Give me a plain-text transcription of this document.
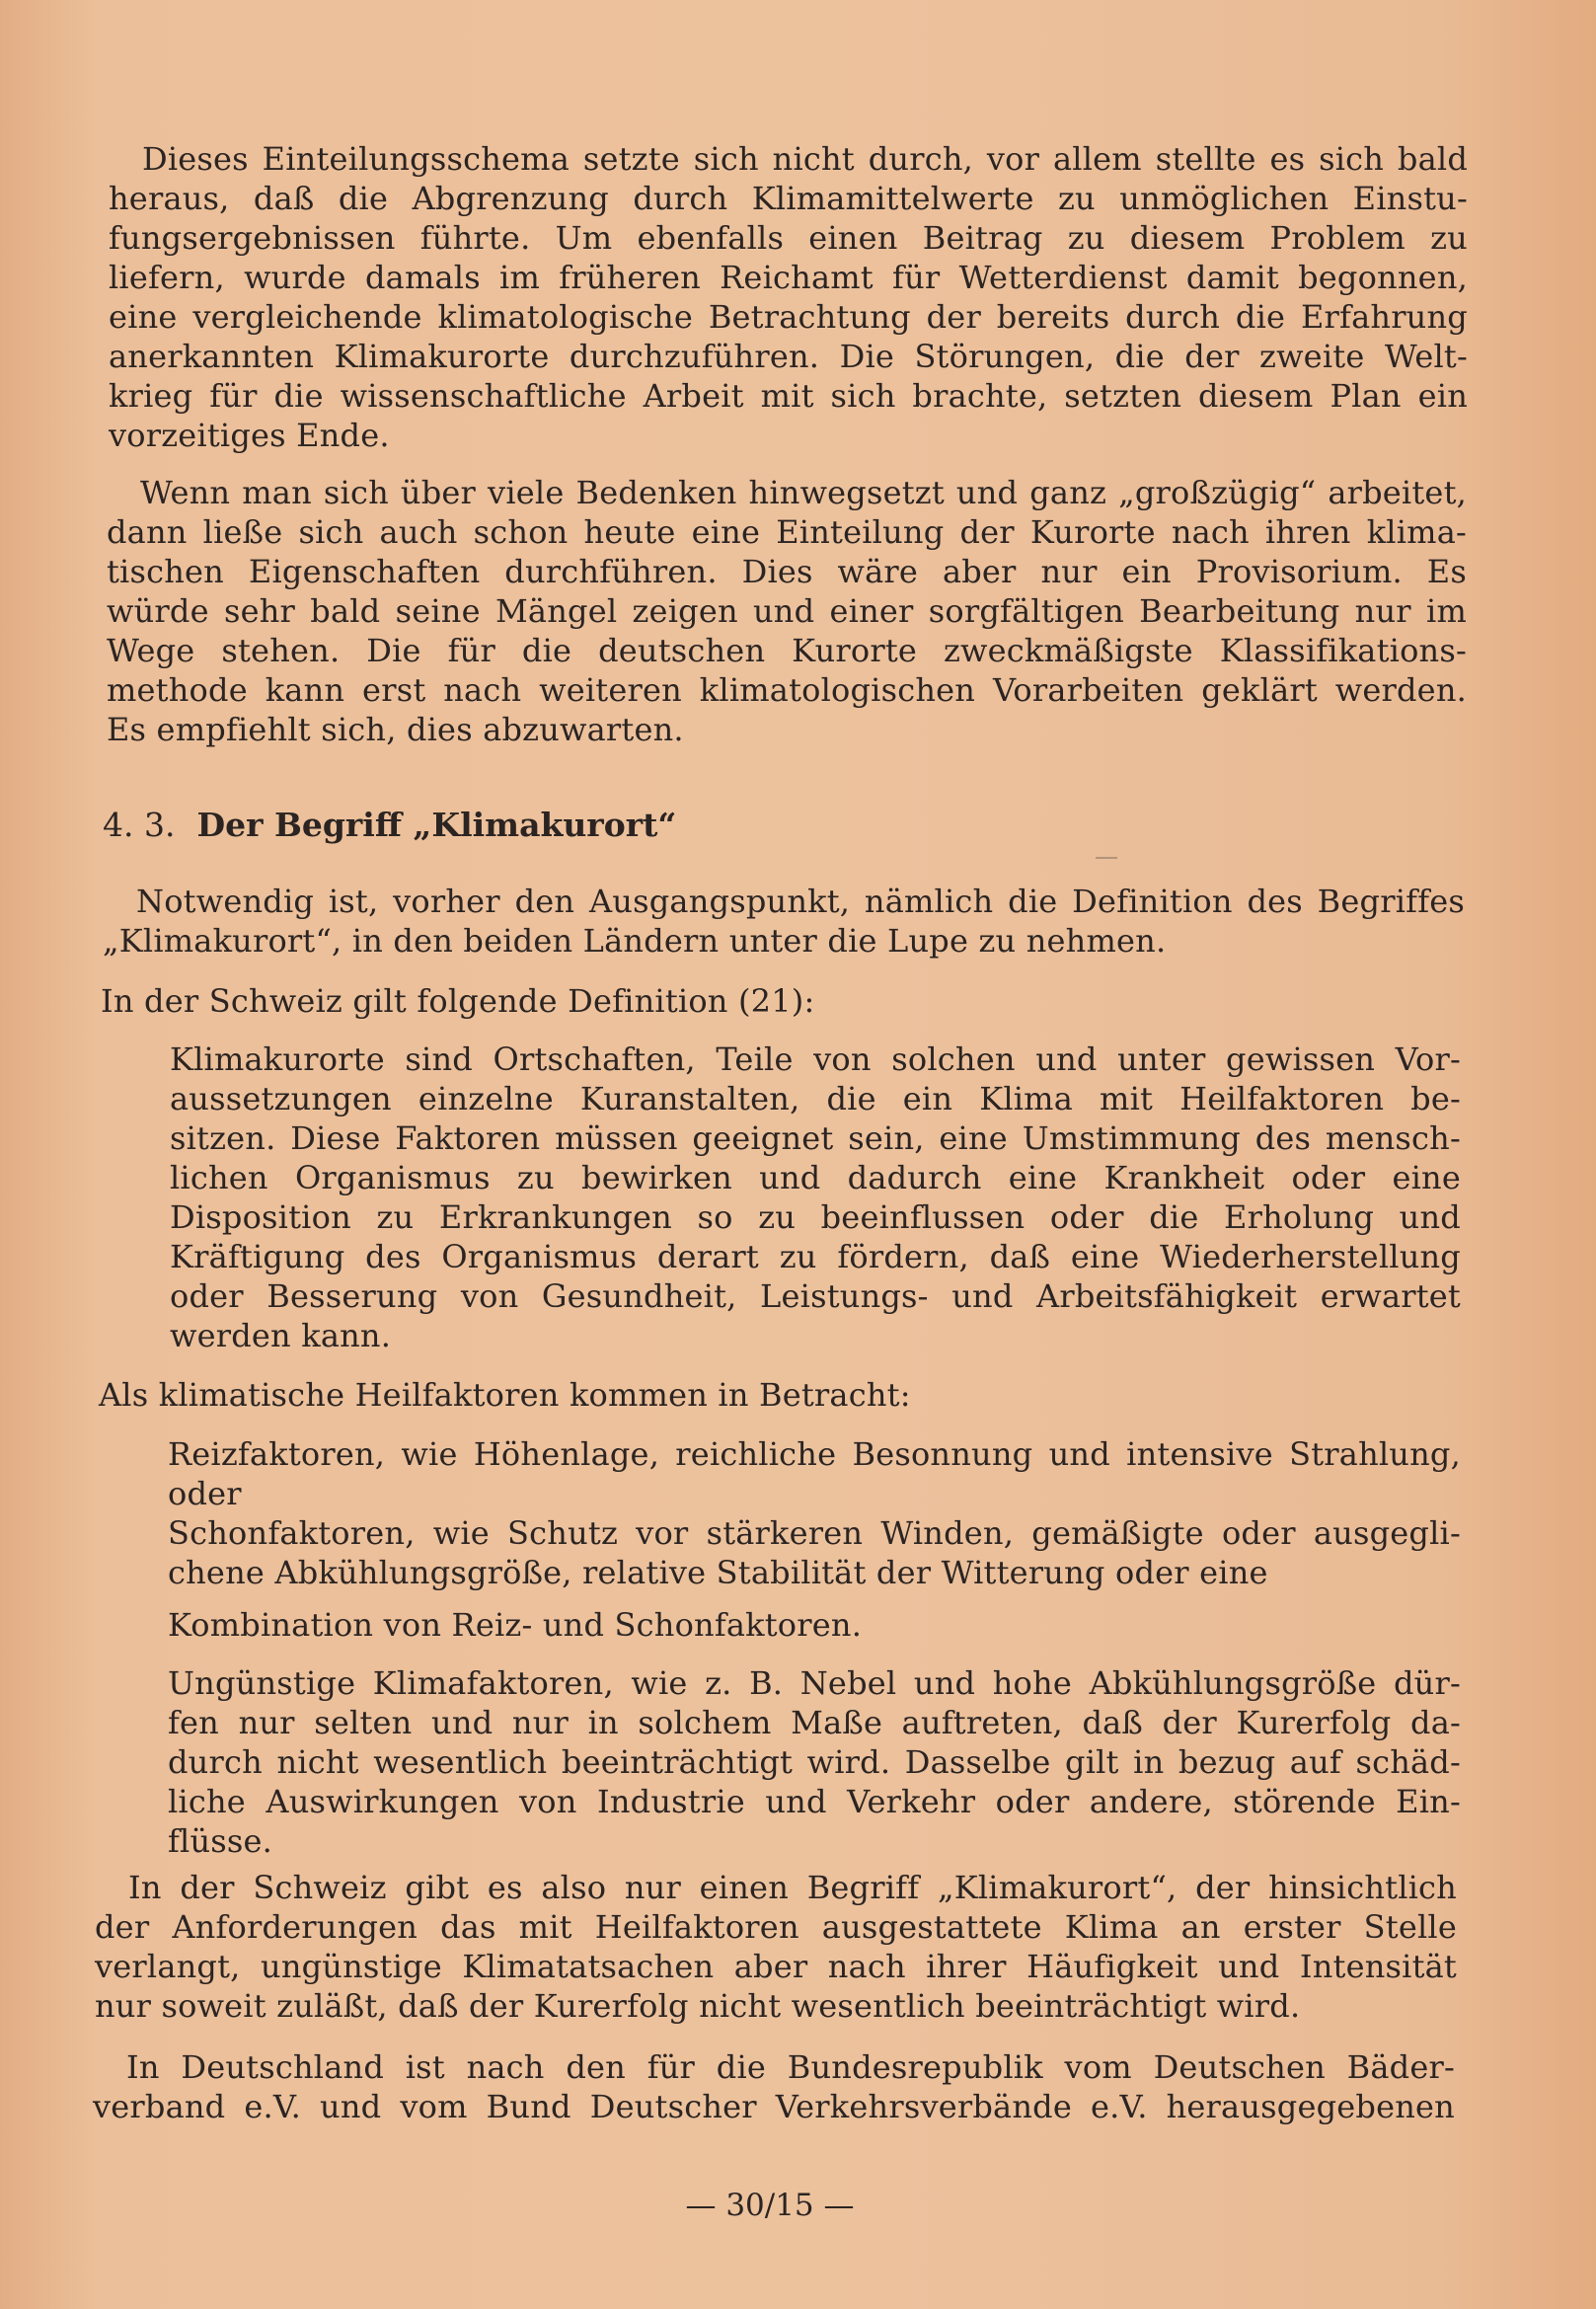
Dieses Einteilungsschema setzte sich nicht durch, vor allem stellte es sich bald
heraus, daß die Abgrenzung durch Klimamittelwerte zu unmöglichen Einstu-
fungsergebnissen führte. Um ebenfalls einen Beitrag zu diesem Problem zu
liefern, wurde damals im früheren Reichamt für Wetterdienst damit begonnen,
eine vergleichende klimatologische Betrachtung der bereits durch die Erfahrung
anerkannten Klimakurorte durchzuführen. Die Störungen, die der zweite Welt-
krieg für die wissenschaftliche Arbeit mit sich brachte, setzten diesem Plan ein
vorzeitiges Ende.
Wenn man sich über viele Bedenken hinwegsetzt und ganz „großzügig“ arbeitet,
dann ließe sich auch schon heute eine Einteilung der Kurorte nach ihren klima-
tischen Eigenschaften durchführen. Dies wäre aber nur ein Provisorium. Es
würde sehr bald seine Mängel zeigen und einer sorgfältigen Bearbeitung nur im
Wege stehen. Die für die deutschen Kurorte zweckmäßigste Klassifikations-
methode kann erst nach weiteren klimatologischen Vorarbeiten geklärt werden.
Es empfiehlt sich, dies abzuwarten.
4. 3. Der Begriff „Klimakurort“
Notwendig ist, vorher den Ausgangspunkt, nämlich die Definition des Begriffes
„Klimakurort“, in den beiden Ländern unter die Lupe zu nehmen.
In der Schweiz gilt folgende Definition (21):
Klimakurorte sind Ortschaften, Teile von solchen und unter gewissen Vor-
aussetzungen einzelne Kuranstalten, die ein Klima mit Heilfaktoren be-
sitzen. Diese Faktoren müssen geeignet sein, eine Umstimmung des mensch-
lichen Organismus zu bewirken und dadurch eine Krankheit oder eine
Disposition zu Erkrankungen so zu beeinflussen oder die Erholung und
Kräftigung des Organismus derart zu fördern, daß eine Wiederherstellung
oder Besserung von Gesundheit, Leistungs- und Arbeitsfähigkeit erwartet
werden kann.
Als klimatische Heilfaktoren kommen in Betracht:
Reizfaktoren, wie Höhenlage, reichliche Besonnung und intensive Strahlung,
oder
Schonfaktoren, wie Schutz vor stärkeren Winden, gemäßigte oder ausgegli-
chene Abkühlungsgröße, relative Stabilität der Witterung oder eine
Kombination von Reiz- und Schonfaktoren.
Ungünstige Klimafaktoren, wie z. B. Nebel und hohe Abkühlungsgröße dür-
fen nur selten und nur in solchem Maße auftreten, daß der Kurerfolg da-
durch nicht wesentlich beeinträchtigt wird. Dasselbe gilt in bezug auf schäd-
liche Auswirkungen von Industrie und Verkehr oder andere, störende Ein-
flüsse.
In der Schweiz gibt es also nur einen Begriff „Klimakurort“, der hinsichtlich
der Anforderungen das mit Heilfaktoren ausgestattete Klima an erster Stelle
verlangt, ungünstige Klimatatsachen aber nach ihrer Häufigkeit und Intensität
nur soweit zuläßt, daß der Kurerfolg nicht wesentlich beeinträchtigt wird.
In Deutschland ist nach den für die Bundesrepublik vom Deutschen Bäder-
verband e.V. und vom Bund Deutscher Verkehrsverbände e.V. herausgegebenen
— 30/15 —
